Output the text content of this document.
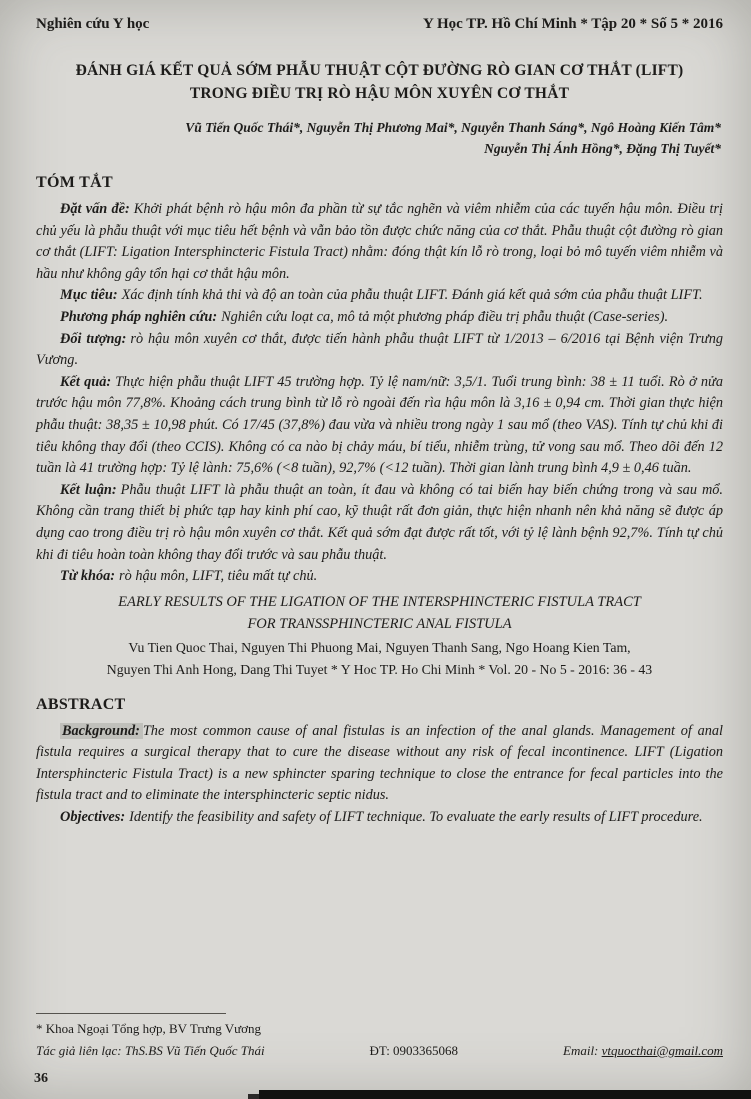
Nghiên cứu Y học	Y Học TP. Hồ Chí Minh * Tập 20 * Số 5 * 2016
ĐÁNH GIÁ KẾT QUẢ SỚM PHẪU THUẬT CỘT ĐƯỜNG RÒ GIAN CƠ THẮT (LIFT)
TRONG ĐIỀU TRỊ RÒ HẬU MÔN XUYÊN CƠ THẮT
Vũ Tiến Quốc Thái*, Nguyễn Thị Phương Mai*, Nguyễn Thanh Sáng*, Ngô Hoàng Kiến Tâm*
Nguyễn Thị Ánh Hồng*, Đặng Thị Tuyết*
TÓM TẮT

Đặt vấn đề: Khởi phát bệnh rò hậu môn đa phần từ sự tắc nghẽn và viêm nhiễm của các tuyến hậu môn. Điều trị chủ yếu là phẫu thuật với mục tiêu hết bệnh và vẫn bảo tồn được chức năng của cơ thắt. Phẫu thuật cột đường rò gian cơ thắt (LIFT: Ligation Intersphincteric Fistula Tract) nhằm: đóng thật kín lỗ rò trong, loại bỏ mô tuyến viêm nhiễm và hầu như không gây tổn hại cơ thắt hậu môn.

Mục tiêu: Xác định tính khả thi và độ an toàn của phẫu thuật LIFT. Đánh giá kết quả sớm của phẫu thuật LIFT.

Phương pháp nghiên cứu: Nghiên cứu loạt ca, mô tả một phương pháp điều trị phẫu thuật (Case-series).

Đối tượng: rò hậu môn xuyên cơ thắt, được tiến hành phẫu thuật LIFT từ 1/2013 – 6/2016 tại Bệnh viện Trưng Vương.

Kết quả: Thực hiện phẫu thuật LIFT 45 trường hợp. Tỷ lệ nam/nữ: 3,5/1. Tuổi trung bình: 38 ± 11 tuổi. Rò ở nửa trước hậu môn 77,8%. Khoảng cách trung bình từ lỗ rò ngoài đến rìa hậu môn là 3,16 ± 0,94 cm. Thời gian thực hiện phẫu thuật: 38,35 ± 10,98 phút. Có 17/45 (37,8%) đau vừa và nhiều trong ngày 1 sau mổ (theo VAS). Tính tự chủ khi đi tiêu không thay đổi (theo CCIS). Không có ca nào bị chảy máu, bí tiểu, nhiễm trùng, tử vong sau mổ. Theo dõi đến 12 tuần là 41 trường hợp: Tỷ lệ lành: 75,6% (<8 tuần), 92,7% (<12 tuần). Thời gian lành trung bình 4,9 ± 0,46 tuần.

Kết luận: Phẫu thuật LIFT là phẫu thuật an toàn, ít đau và không có tai biến hay biến chứng trong và sau mổ. Không cần trang thiết bị phức tạp hay kinh phí cao, kỹ thuật rất đơn giản, thực hiện nhanh nên khả năng sẽ được áp dụng cao trong điều trị rò hậu môn xuyên cơ thắt. Kết quả sớm đạt được rất tốt, với tỷ lệ lành bệnh 92,7%. Tính tự chủ khi đi tiêu hoàn toàn không thay đổi trước và sau phẫu thuật.

Từ khóa: rò hậu môn, LIFT, tiêu mất tự chủ.

EARLY RESULTS OF THE LIGATION OF THE INTERSPHINCTERIC FISTULA TRACT
FOR TRANSSPHINCTERIC ANAL FISTULA
Vu Tien Quoc Thai, Nguyen Thi Phuong Mai, Nguyen Thanh Sang, Ngo Hoang Kien Tam,
Nguyen Thi Anh Hong, Dang Thi Tuyet * Y Hoc TP. Ho Chi Minh * Vol. 20 - No 5 - 2016: 36 - 43
ABSTRACT

Background: The most common cause of anal fistulas is an infection of the anal glands. Management of anal fistula requires a surgical therapy that to cure the disease without any risk of fecal incontinence. LIFT (Ligation Intersphincteric Fistula Tract) is a new sphincter sparing technique to close the entrance for fecal particles into the fistula tract and to eliminate the intersphincteric septic nidus.

Objectives: Identify the feasibility and safety of LIFT technique. To evaluate the early results of LIFT procedure.

* Khoa Ngoại Tổng hợp, BV Trưng Vương
Tác giả liên lạc: ThS.BS Vũ Tiến Quốc Thái	ĐT: 0903365068	Email: vtquocthai@gmail.com
36
